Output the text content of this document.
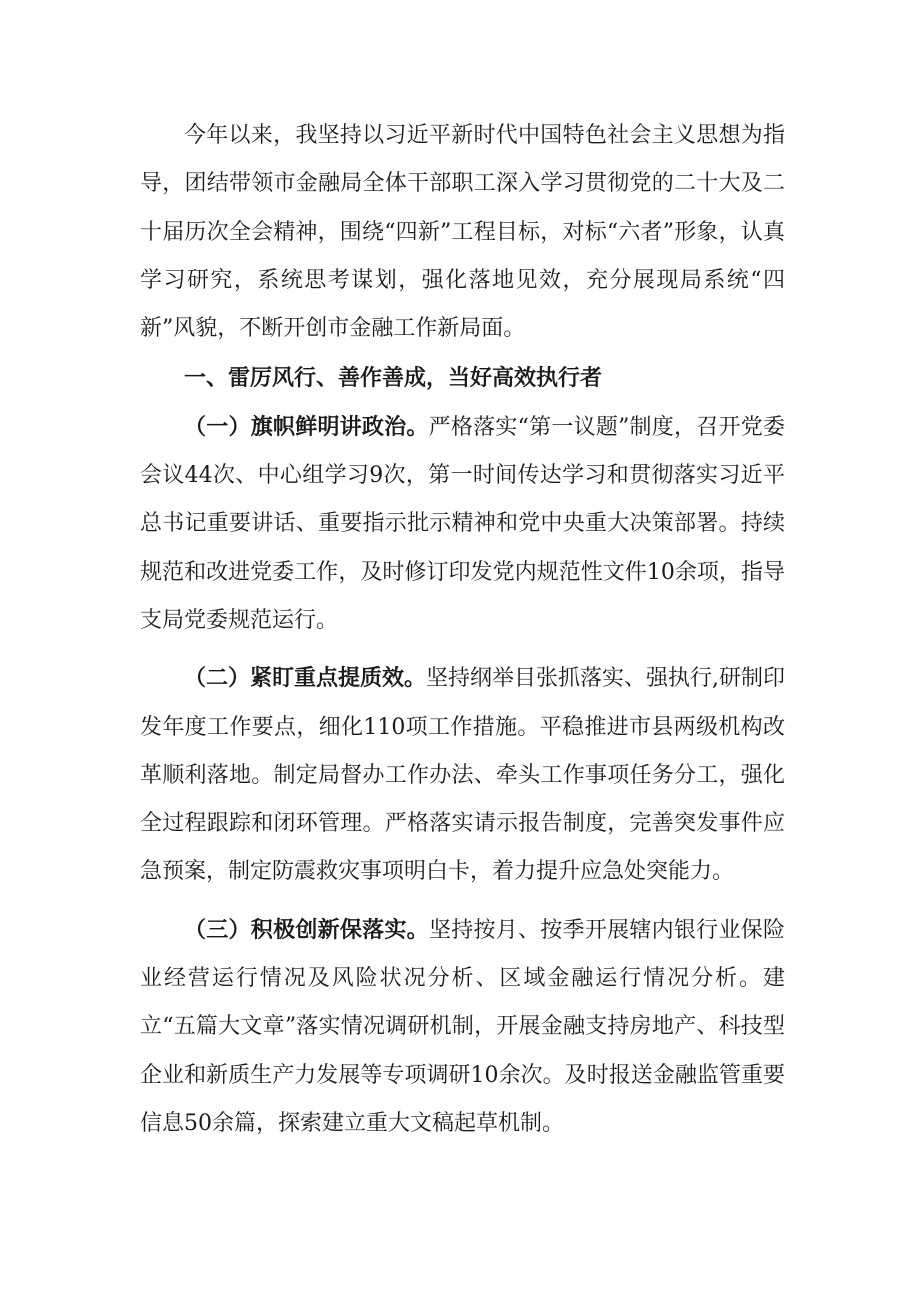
今年以来，我坚持以习近平新时代中国特色社会主义思想为指导，团结带领市金融局全体干部职工深入学习贯彻党的二十大及二十届历次全会精神，围绕“四新”工程目标，对标“六者”形象，认真学习研究，系统思考谋划，强化落地见效，充分展现局系统“四新”风貌，不断开创市金融工作新局面。

一、雷厉风行、善作善成，当好高效执行者

（一）旗帜鲜明讲政治。严格落实“第一议题”制度，召开党委会议44次、中心组学习9次，第一时间传达学习和贯彻落实习近平总书记重要讲话、重要指示批示精神和党中央重大决策部署。持续规范和改进党委工作，及时修订印发党内规范性文件10余项，指导支局党委规范运行。

（二）紧盯重点提质效。坚持纲举目张抓落实、强执行,研制印发年度工作要点，细化110项工作措施。平稳推进市县两级机构改革顺利落地。制定局督办工作办法、牵头工作事项任务分工，强化全过程跟踪和闭环管理。严格落实请示报告制度，完善突发事件应急预案，制定防震救灾事项明白卡，着力提升应急处突能力。

（三）积极创新保落实。坚持按月、按季开展辖内银行业保险业经营运行情况及风险状况分析、区域金融运行情况分析。建立“五篇大文章”落实情况调研机制，开展金融支持房地产、科技型企业和新质生产力发展等专项调研10余次。及时报送金融监管重要信息50余篇，探索建立重大文稿起草机制。
